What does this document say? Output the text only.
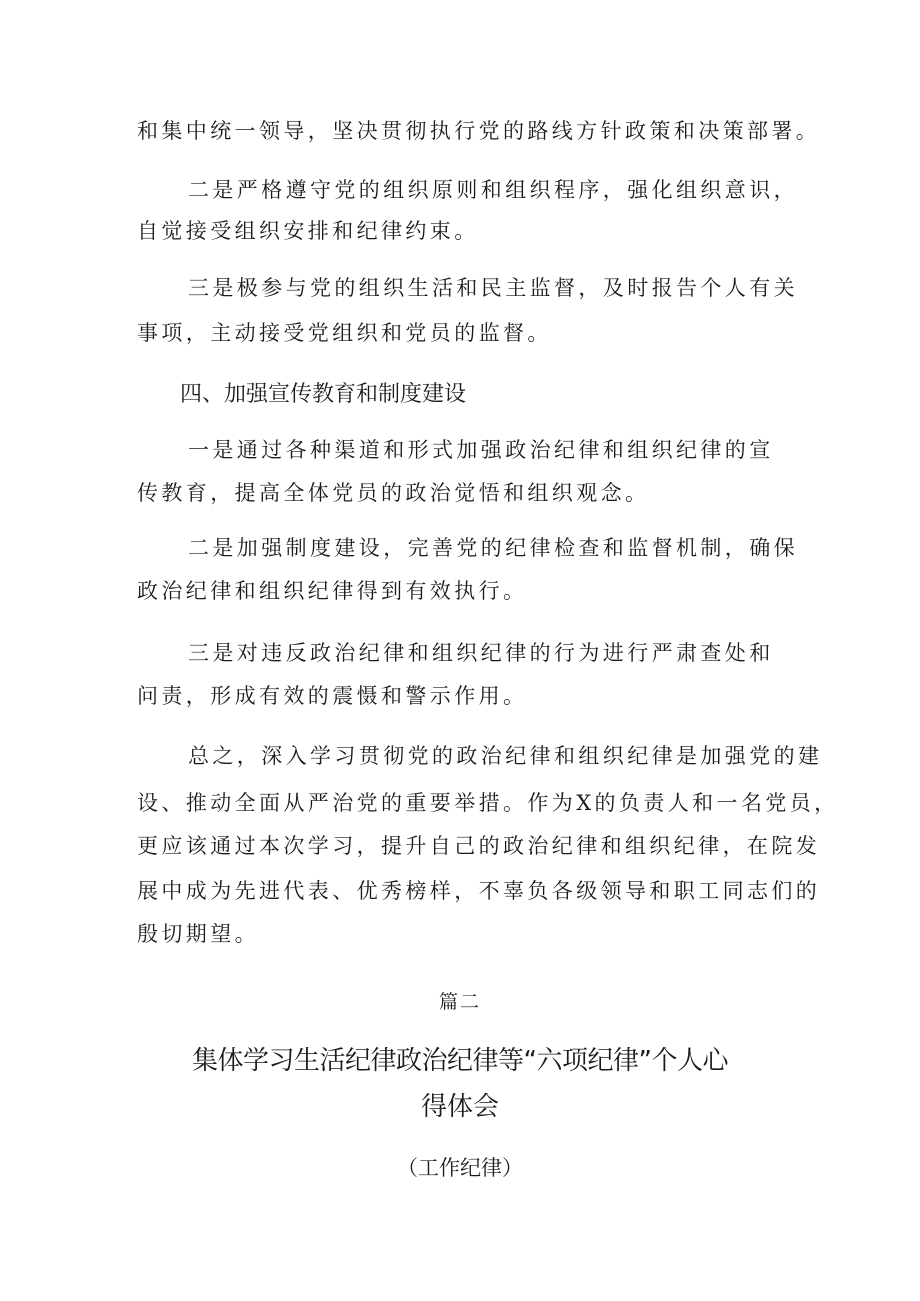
和集中统一领导，坚决贯彻执行党的路线方针政策和决策部署。
二是严格遵守党的组织原则和组织程序，强化组织意识，
自觉接受组织安排和纪律约束。
三是极参与党的组织生活和民主监督，及时报告个人有关
事项，主动接受党组织和党员的监督。
四、加强宣传教育和制度建设
一是通过各种渠道和形式加强政治纪律和组织纪律的宣
传教育，提高全体党员的政治觉悟和组织观念。
二是加强制度建设，完善党的纪律检查和监督机制，确保
政治纪律和组织纪律得到有效执行。
三是对违反政治纪律和组织纪律的行为进行严肃查处和
问责，形成有效的震慑和警示作用。
总之，深入学习贯彻党的政治纪律和组织纪律是加强党的建
设、推动全面从严治党的重要举措。作为X的负责人和一名党员，
更应该通过本次学习，提升自己的政治纪律和组织纪律，在院发
展中成为先进代表、优秀榜样，不辜负各级领导和职工同志们的
殷切期望。
篇二
集体学习生活纪律政治纪律等“六项纪律”个人心
得体会
（工作纪律）
